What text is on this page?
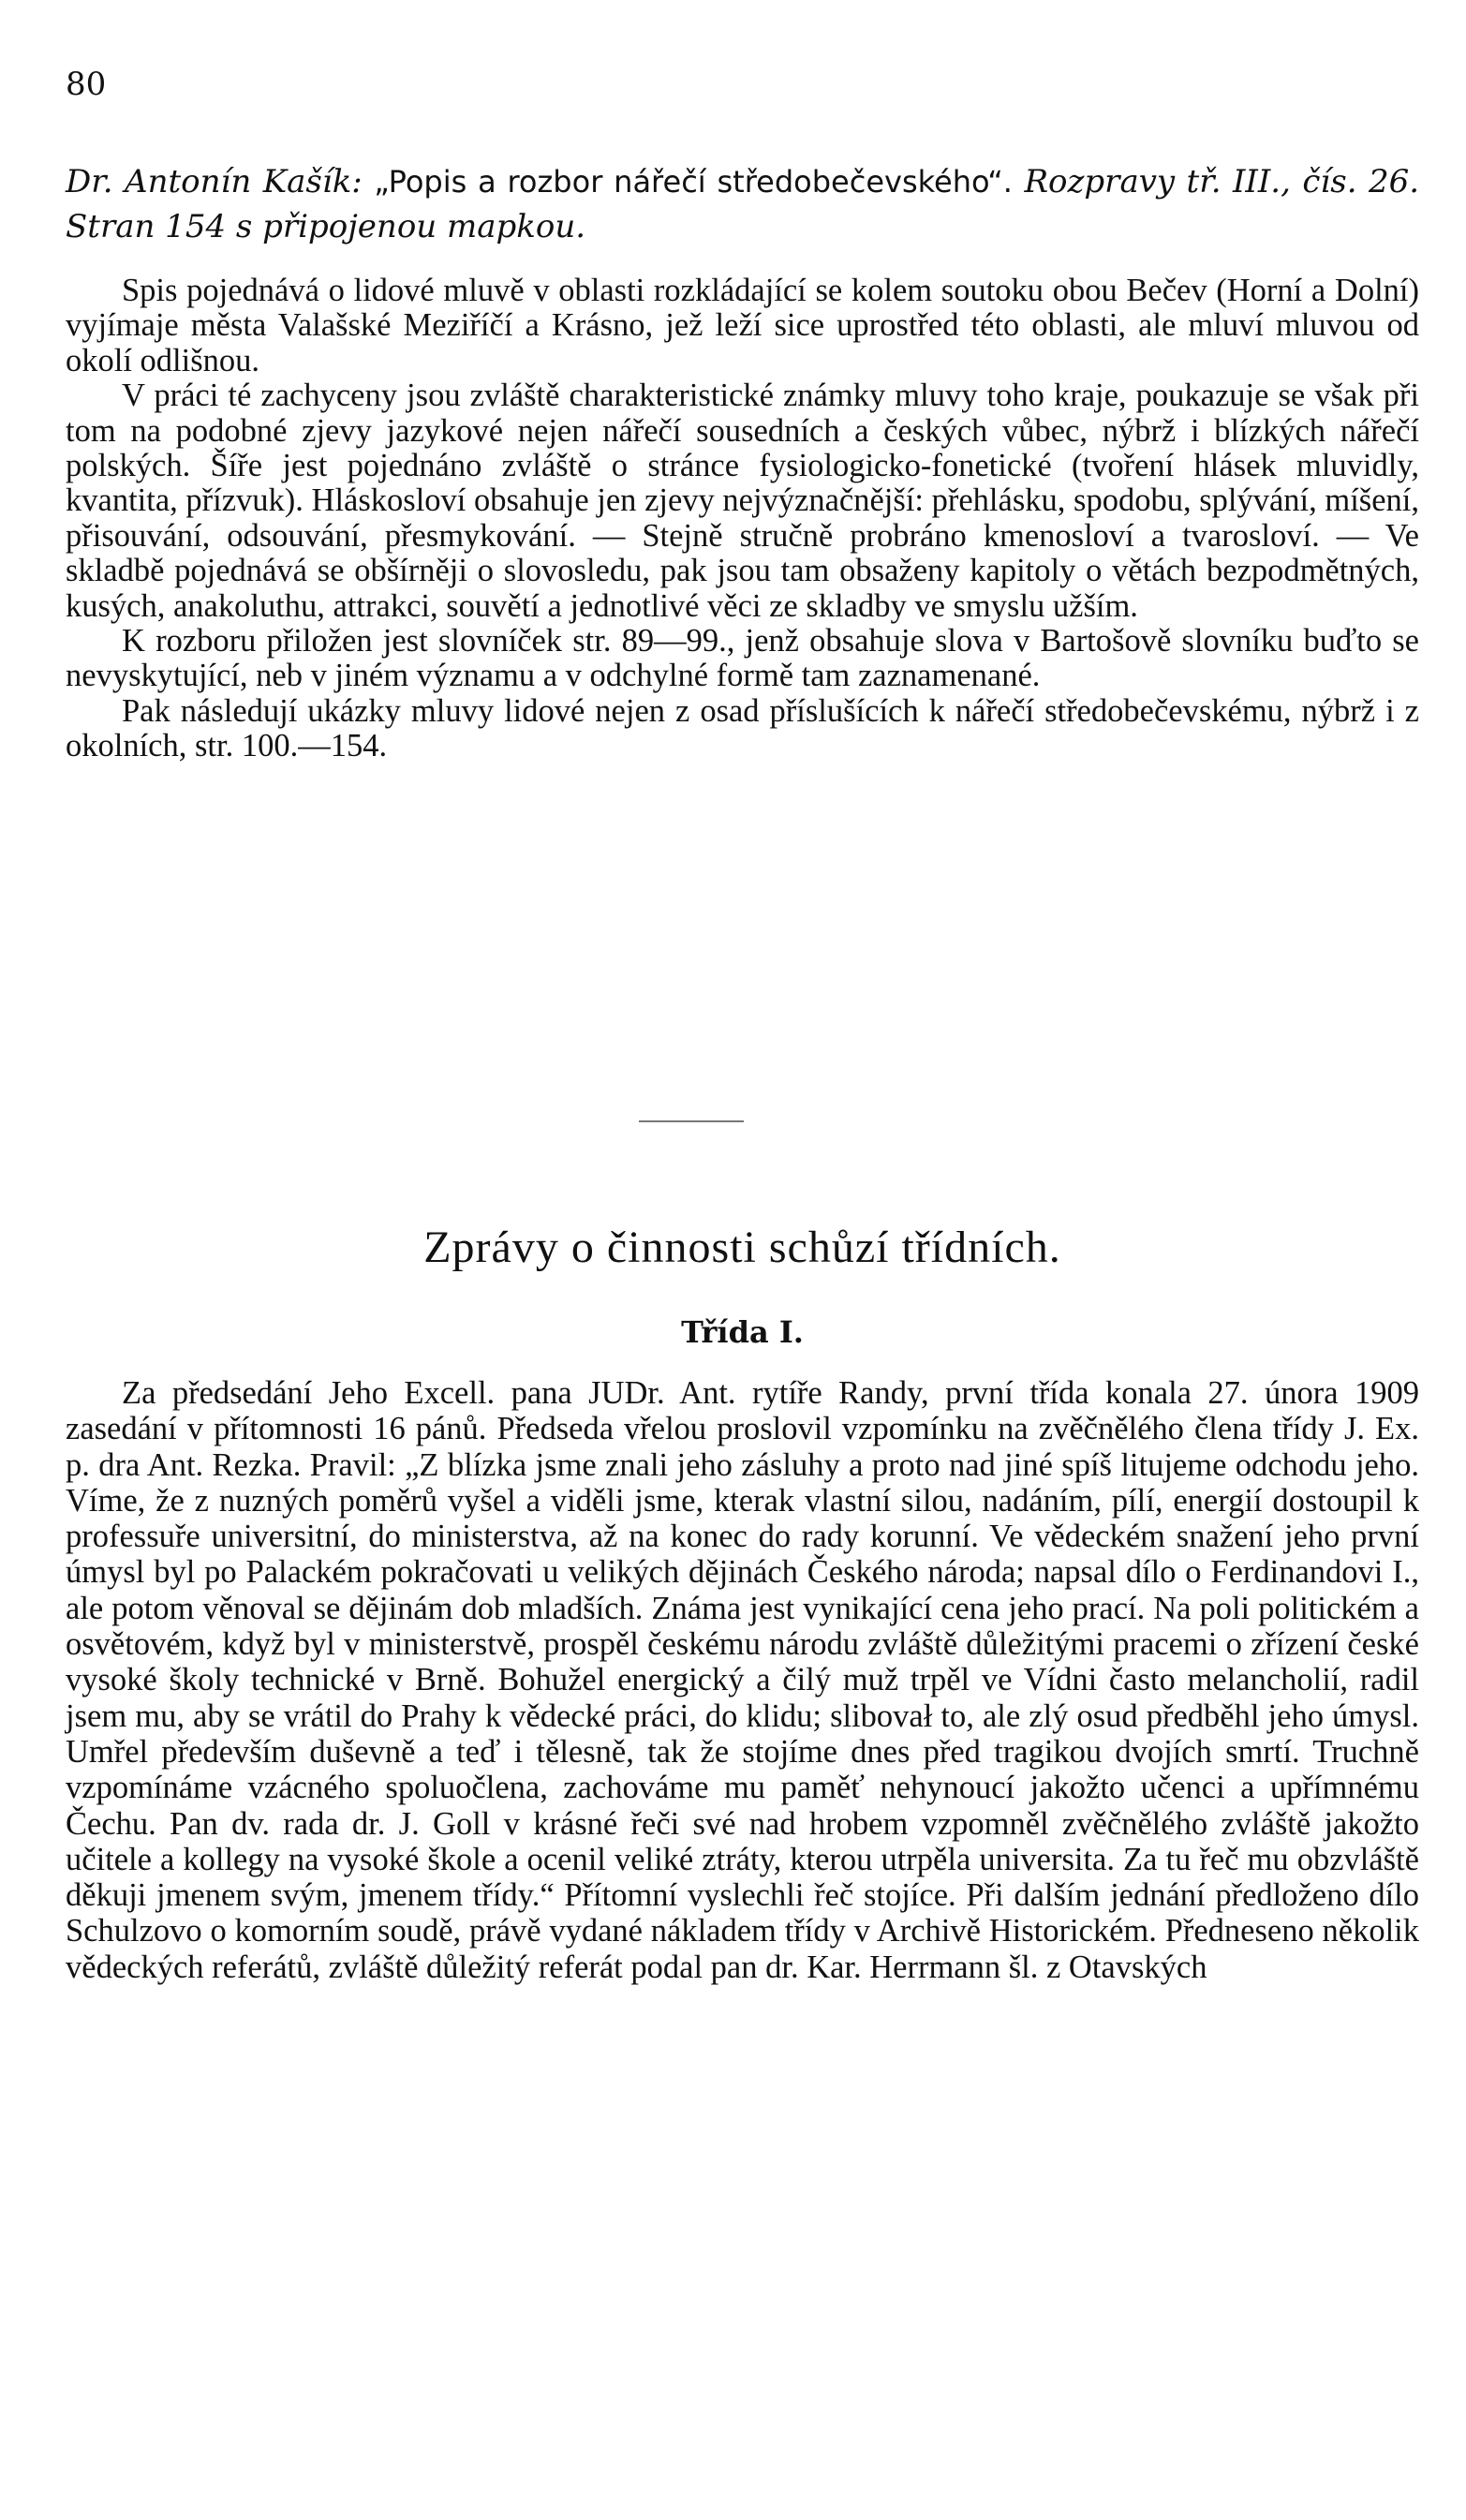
80
Dr. Antonín Kašík: „Popis a rozbor nářečí středobečevského“. Rozpravy tř. III., čís. 26. Stran 154 s připojenou mapkou.

Spis pojednává o lidové mluvě v oblasti rozkládající se kolem soutoku obou Bečev (Horní a Dolní) vyjímaje města Valašské Meziříčí a Krásno, jež leží sice uprostřed této oblasti, ale mluví mluvou od okolí odlišnou.

V práci té zachyceny jsou zvláště charakteristické známky mluvy toho kraje, poukazuje se však při tom na podobné zjevy jazykové nejen nářečí sousedních a českých vůbec, nýbrž i blízkých nářečí polských. Šíře jest pojednáno zvláště o stránce fysiologicko-fonetické (tvoření hlásek mluvidly, kvantita, přízvuk). Hláskosloví obsahuje jen zjevy nejvýznačnější: přehlásku, spodobu, splývání, míšení, přisouvání, odsouvání, přesmykování. — Stejně stručně probráno kmenosloví a tvarosloví. — Ve skladbě pojednává se obšírněji o slovosledu, pak jsou tam obsaženy kapitoly o větách bezpodmětných, kusých, anakoluthu, attrakci, souvětí a jednotlivé věci ze skladby ve smyslu užším.

K rozboru přiložen jest slovníček str. 89—99., jenž obsahuje slova v Bartošově slovníku buďto se nevyskytující, neb v jiném významu a v odchylné formě tam zaznamenané.

Pak následují ukázky mluvy lidové nejen z osad příslušících k nářečí středobečevskému, nýbrž i z okolních, str. 100.—154.

Zprávy o činnosti schůzí třídních.
Třída I.

Za předsedání Jeho Excell. pana JUDr. Ant. rytíře Randy, první třída konala 27. února 1909 zasedání v přítomnosti 16 pánů. Předseda vřelou proslovil vzpomínku na zvěčnělého člena třídy J. Ex. p. dra Ant. Rezka. Pravil: „Z blízka jsme znali jeho zásluhy a proto nad jiné spíš litujeme odchodu jeho. Víme, že z nuzných poměrů vyšel a viděli jsme, kterak vlastní silou, nadáním, pílí, energií dostoupil k professuře universitní, do ministerstva, až na konec do rady korunní. Ve vědeckém snažení jeho první úmysl byl po Palackém pokračovati u velikých dějinách Českého národa; napsal dílo o Ferdinandovi I., ale potom věnoval se dějinám dob mladších. Známa jest vynikající cena jeho prací. Na poli politickém a osvětovém, když byl v ministerstvě, prospěl českému národu zvláště důležitými pracemi o zřízení české vysoké školy technické v Brně. Bohužel energický a čilý muž trpěl ve Vídni často melancholií, radil jsem mu, aby se vrátil do Prahy k vědecké práci, do klidu; slibovał to, ale zlý osud předběhl jeho úmysl. Umřel především duševně a teď i tělesně, tak že stojíme dnes před tragikou dvojích smrtí. Truchně vzpomínáme vzácného spoluočlena, zachováme mu paměť nehynoucí jakožto učenci a upřímnému Čechu. Pan dv. rada dr. J. Goll v krásné řeči své nad hrobem vzpomněl zvěčnělého zvláště jakožto učitele a kollegy na vysoké škole a ocenil veliké ztráty, kterou utrpěla universita. Za tu řeč mu obzvláště děkuji jmenem svým, jmenem třídy.“ Přítomní vyslechli řeč stojíce. Při dalším jednání předloženo dílo Schulzovo o komorním soudě, právě vydané nákladem třídy v Archivě Historickém. Předneseno několik vědeckých referátů, zvláště důležitý referát podal pan dr. Kar. Herrmann šl. z Otavských
